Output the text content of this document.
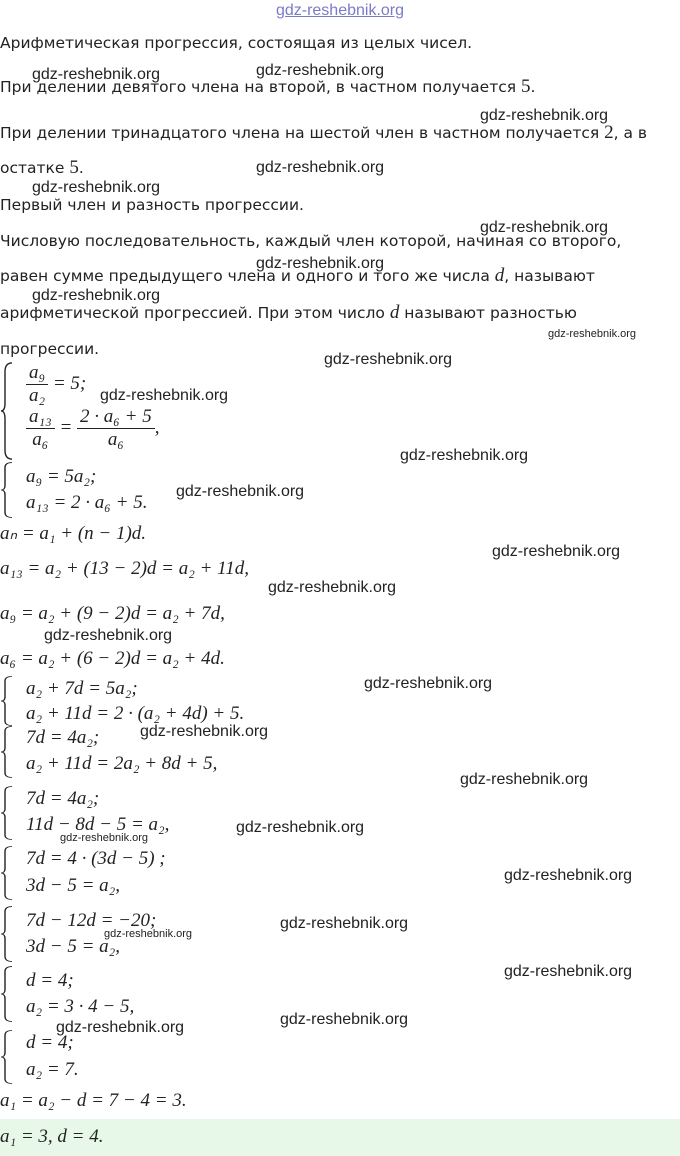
gdz-reshebnik.org
Арифметическая прогрессия, состоящая из целых чисел.
При делении девятого члена на второй, в частном получается 5.
При делении тринадцатого члена на шестой член в частном получается 2, а в
остатке 5.
Первый член и разность прогрессии.
Числовую последовательность, каждый член которой, начиная со второго,
равен сумме предыдущего члена и одного и того же числа d, называют
арифметической прогрессией. При этом число d называют разностью
прогрессии.
$\frac{\text{a₉}}{\text{a₂}} = 5$;
$\frac{\text{a₁₃}}{\text{a₆}} = \frac{\text{2 · a₆ + 5}}{\text{a₆}}$ ,
a₉ = 5a₂;
a₁₃ = 2 · a₆ + 5.
aₙ = a₁ + (n − 1)d.
a₁₃ = a₂ + (13 − 2)d = a₂ + 11d,
a₉ = a₂ + (9 − 2)d = a₂ + 7d,
a₆ = a₂ + (6 − 2)d = a₂ + 4d.
a₂ + 7d = 5a₂;
a₂ + 11d = 2 · (a₂ + 4d) + 5.
7d = 4a₂;
a₂ + 11d = 2a₂ + 8d + 5,
7d = 4a₂;
11d − 8d − 5 = a₂,
7d = 4 · (3d − 5) ;
3d − 5 = a₂,
7d − 12d = −20;
3d − 5 = a₂,
d = 4;
a₂ = 3 · 4 − 5,
d = 4;
a₂ = 7.
a₁ = a₂ − d = 7 − 4 = 3.
a₁ = 3, d = 4.
gdz-reshebnik.org	gdz-reshebnik.org
gdz-reshebnik.org
gdz-reshebnik.org
gdz-reshebnik.org
gdz-reshebnik.org
gdz-reshebnik.org
gdz-reshebnik.org
gdz-reshebnik.org
gdz-reshebnik.org
gdz-reshebnik.org
gdz-reshebnik.org
gdz-reshebnik.org
gdz-reshebnik.org
gdz-reshebnik.org
gdz-reshebnik.org
gdz-reshebnik.org
gdz-reshebnik.org
gdz-reshebnik.org
gdz-reshebnik.org
gdz-reshebnik.org
gdz-reshebnik.org
gdz-reshebnik.org
gdz-reshebnik.org
gdz-reshebnik.org
gdz-reshebnik.org
gdz-reshebnik.org
